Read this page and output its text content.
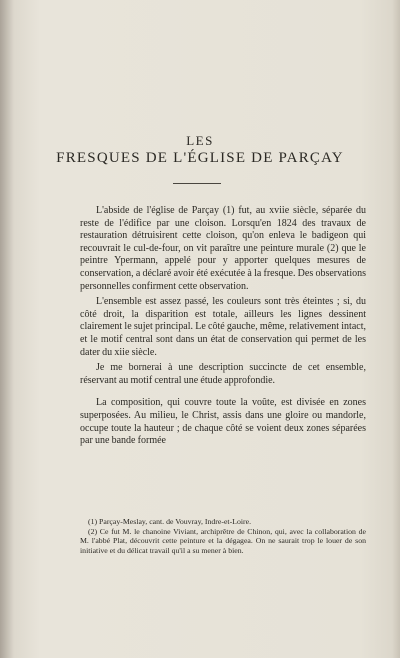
LES
FRESQUES DE L'ÉGLISE DE PARÇAY

L'abside de l'église de Parçay (1) fut, au xviie siècle, séparée du reste de l'édifice par une cloison. Lorsqu'en 1824 des travaux de restauration détruisirent cette cloison, qu'on enleva le badigeon qui recouvrait le cul-de-four, on vit paraître une peinture murale (2) que le peintre Ypermann, appelé pour y apporter quelques mesures de conservation, a déclaré avoir été exécutée à la fresque. Des observations personnelles confirment cette observation.

L'ensemble est assez passé, les couleurs sont très éteintes ; si, du côté droit, la disparition est totale, ailleurs les lignes dessinent clairement le sujet principal. Le côté gauche, même, relativement intact, et le motif central sont dans un état de conservation qui permet de les dater du xiie siècle.

Je me bornerai à une description succincte de cet ensemble, réservant au motif central une étude approfondie.

La composition, qui couvre toute la voûte, est divisée en zones superposées. Au milieu, le Christ, assis dans une gloire ou mandorle, occupe toute la hauteur ; de chaque côté se voient deux zones séparées par une bande formée

(1) Parçay-Meslay, cant. de Vouvray, Indre-et-Loire.
(2) Ce fut M. le chanoine Viviant, archiprêtre de Chinon, qui, avec la collaboration de M. l'abbé Plat, découvrit cette peinture et la dégagea. On ne saurait trop le louer de son initiative et du délicat travail qu'il a su mener à bien.
